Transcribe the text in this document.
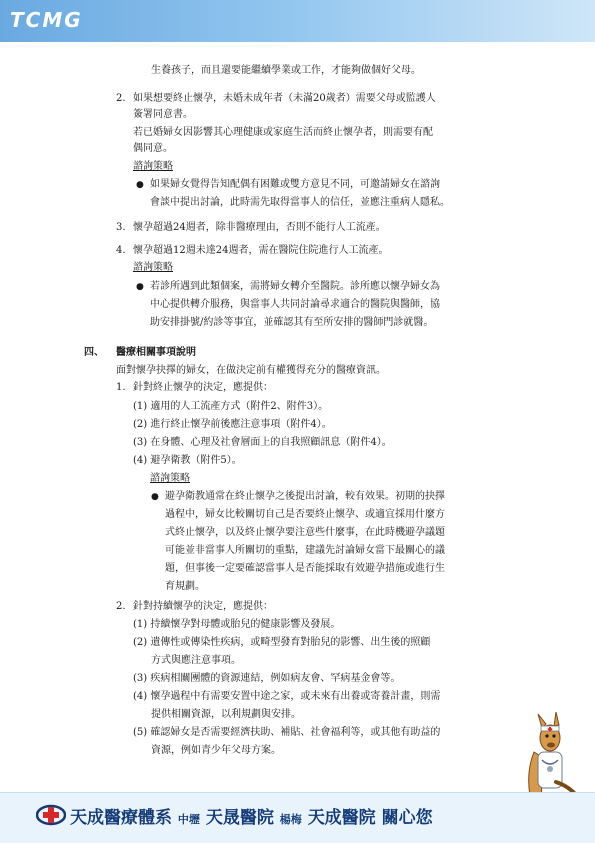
TCMG
生養孩子，而且還要能繼續學業或工作，才能夠做個好父母。
2. 如果想要終止懷孕，未婚未成年者（未滿20歲者）需要父母或監護人
簽署同意書。
若已婚婦女因影響其心理健康或家庭生活而終止懷孕者，則需要有配
偶同意。
諮詢策略
● 如果婦女覺得告知配偶有困難或雙方意見不同，可邀請婦女在諮詢
會談中提出討論，此時需先取得當事人的信任，並應注重病人隱私。
3. 懷孕超過24週者，除非醫療理由，否則不能行人工流產。
4. 懷孕超過12週未達24週者，需在醫院住院進行人工流產。
諮詢策略
● 若診所遇到此類個案，需將婦女轉介至醫院。診所應以懷孕婦女為
中心提供轉介服務，與當事人共同討論尋求適合的醫院與醫師，協
助安排掛號/約診等事宜，並確認其有至所安排的醫師門診就醫。
四、 醫療相關事項說明
面對懷孕抉擇的婦女，在做決定前有權獲得充分的醫療資訊。
1. 針對終止懷孕的決定，應提供：
(1) 適用的人工流產方式（附件2、附件3）。
(2) 進行終止懷孕前後應注意事項（附件4）。
(3) 在身體、心理及社會層面上的自我照顧訊息（附件4）。
(4) 避孕衛教（附件5）。
諮詢策略
● 避孕衛教通常在終止懷孕之後提出討論，較有效果。初期的抉擇
過程中，婦女比較關切自己是否要終止懷孕、或適宜採用什麼方
式終止懷孕，以及終止懷孕要注意些什麼事，在此時機避孕議題
可能並非當事人所關切的重點，建議先討論婦女當下最關心的議
題，但事後一定要確認當事人是否能採取有效避孕措施或進行生
育規劃。
2. 針對持續懷孕的決定，應提供：
(1) 持續懷孕對母體或胎兒的健康影響及發展。
(2) 遺傳性或傳染性疾病，或畸型發育對胎兒的影響、出生後的照顧
方式與應注意事項。
(3) 疾病相關團體的資源連結，例如病友會、罕病基金會等。
(4) 懷孕過程中有需要安置中途之家，或未來有出養或寄養計畫，則需
提供相關資源，以利規劃與安排。
(5) 確認婦女是否需要經濟扶助、補貼、社會福利等，或其他有助益的
資源，例如青少年父母方案。
天成醫療體系 中壢 天晟醫院 楊梅 天成醫院 關心您
